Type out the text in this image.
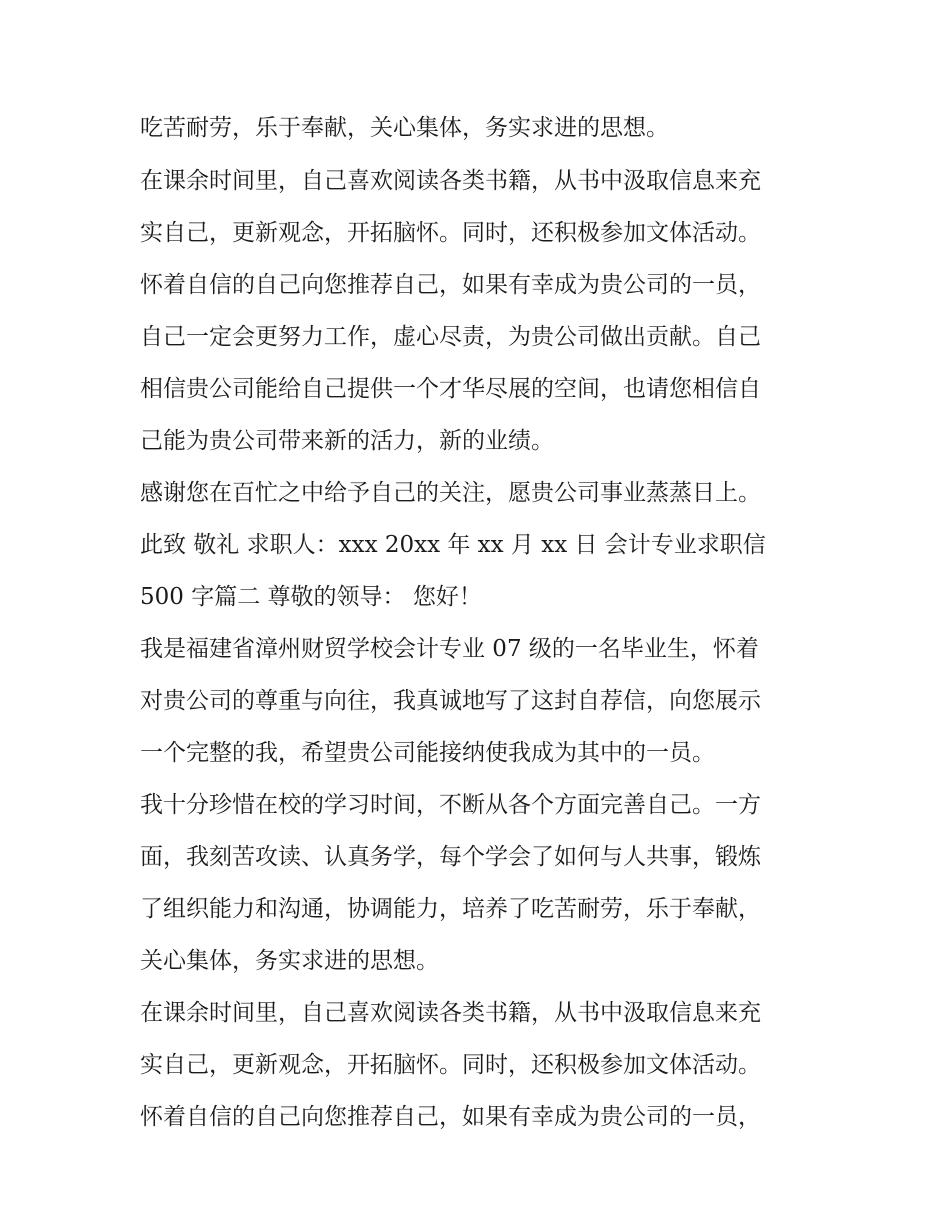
吃苦耐劳，乐于奉献，关心集体，务实求进的思想。
在课余时间里，自己喜欢阅读各类书籍，从书中汲取信息来充
实自己，更新观念，开拓脑怀。同时，还积极参加文体活动。
怀着自信的自己向您推荐自己，如果有幸成为贵公司的一员，
自己一定会更努力工作，虚心尽责，为贵公司做出贡献。自己
相信贵公司能给自己提供一个才华尽展的空间，也请您相信自
己能为贵公司带来新的活力，新的业绩。
感谢您在百忙之中给予自己的关注，愿贵公司事业蒸蒸日上。
此致 敬礼 求职人：xxx 20xx 年 xx 月 xx 日 会计专业求职信
500 字篇二 尊敬的领导： 您好！
我是福建省漳州财贸学校会计专业 07 级的一名毕业生，怀着
对贵公司的尊重与向往，我真诚地写了这封自荐信，向您展示
一个完整的我，希望贵公司能接纳使我成为其中的一员。
我十分珍惜在校的学习时间，不断从各个方面完善自己。一方
面，我刻苦攻读、认真务学，每个学会了如何与人共事，锻炼
了组织能力和沟通，协调能力，培养了吃苦耐劳，乐于奉献，
关心集体，务实求进的思想。
在课余时间里，自己喜欢阅读各类书籍，从书中汲取信息来充
实自己，更新观念，开拓脑怀。同时，还积极参加文体活动。
怀着自信的自己向您推荐自己，如果有幸成为贵公司的一员，
